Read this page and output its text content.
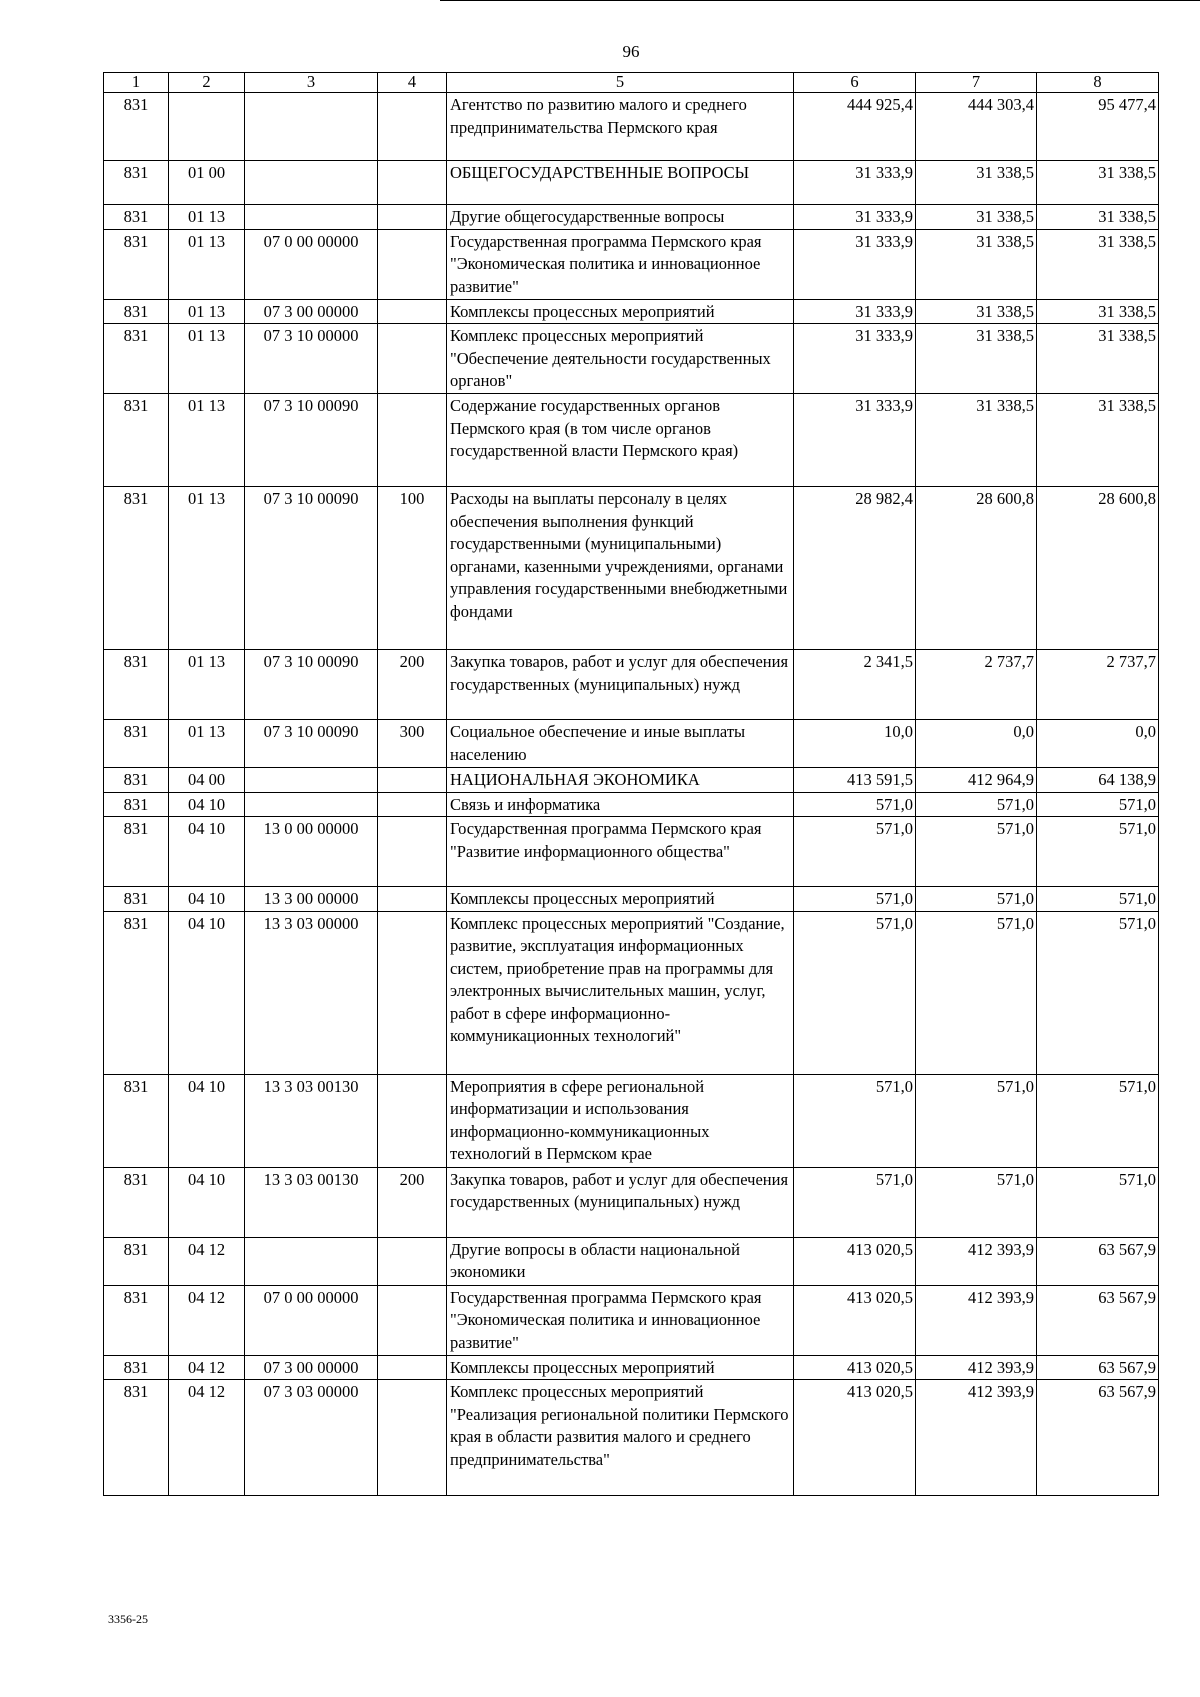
96
1	2	3	4	5	6	7	8
831				Агентство по развитию малого и среднего предпринимательства Пермского края	444 925,4	444 303,4	95 477,4
831	01 00			ОБЩЕГОСУДАРСТВЕННЫЕ ВОПРОСЫ	31 333,9	31 338,5	31 338,5
831	01 13			Другие общегосударственные вопросы	31 333,9	31 338,5	31 338,5
831	01 13	07 0 00 00000		Государственная программа Пермского края "Экономическая политика и инновационное развитие"	31 333,9	31 338,5	31 338,5
831	01 13	07 3 00 00000		Комплексы процессных мероприятий	31 333,9	31 338,5	31 338,5
831	01 13	07 3 10 00000		Комплекс процессных мероприятий "Обеспечение деятельности государственных органов"	31 333,9	31 338,5	31 338,5
831	01 13	07 3 10 00090		Содержание государственных органов Пермского края (в том числе органов государственной власти Пермского края)	31 333,9	31 338,5	31 338,5
831	01 13	07 3 10 00090	100	Расходы на выплаты персоналу в целях обеспечения выполнения функций государственными (муниципальными) органами, казенными учреждениями, органами управления государственными внебюджетными фондами	28 982,4	28 600,8	28 600,8
831	01 13	07 3 10 00090	200	Закупка товаров, работ и услуг для обеспечения государственных (муниципальных) нужд	2 341,5	2 737,7	2 737,7
831	01 13	07 3 10 00090	300	Социальное обеспечение и иные выплаты населению	10,0	0,0	0,0
831	04 00			НАЦИОНАЛЬНАЯ ЭКОНОМИКА	413 591,5	412 964,9	64 138,9
831	04 10			Связь и информатика	571,0	571,0	571,0
831	04 10	13 0 00 00000		Государственная программа Пермского края "Развитие информационного общества"	571,0	571,0	571,0
831	04 10	13 3 00 00000		Комплексы процессных мероприятий	571,0	571,0	571,0
831	04 10	13 3 03 00000		Комплекс процессных мероприятий "Создание, развитие, эксплуатация информационных систем, приобретение прав на программы для электронных вычислительных машин, услуг, работ в сфере информационно-коммуникационных технологий"	571,0	571,0	571,0
831	04 10	13 3 03 00130		Мероприятия в сфере региональной информатизации и использования информационно-коммуникационных технологий в Пермском крае	571,0	571,0	571,0
831	04 10	13 3 03 00130	200	Закупка товаров, работ и услуг для обеспечения государственных (муниципальных) нужд	571,0	571,0	571,0
831	04 12			Другие вопросы в области национальной экономики	413 020,5	412 393,9	63 567,9
831	04 12	07 0 00 00000		Государственная программа Пермского края "Экономическая политика и инновационное развитие"	413 020,5	412 393,9	63 567,9
831	04 12	07 3 00 00000		Комплексы процессных мероприятий	413 020,5	412 393,9	63 567,9
831	04 12	07 3 03 00000		Комплекс процессных мероприятий "Реализация региональной политики Пермского края в области развития малого и среднего предпринимательства"	413 020,5	412 393,9	63 567,9
3356-25
